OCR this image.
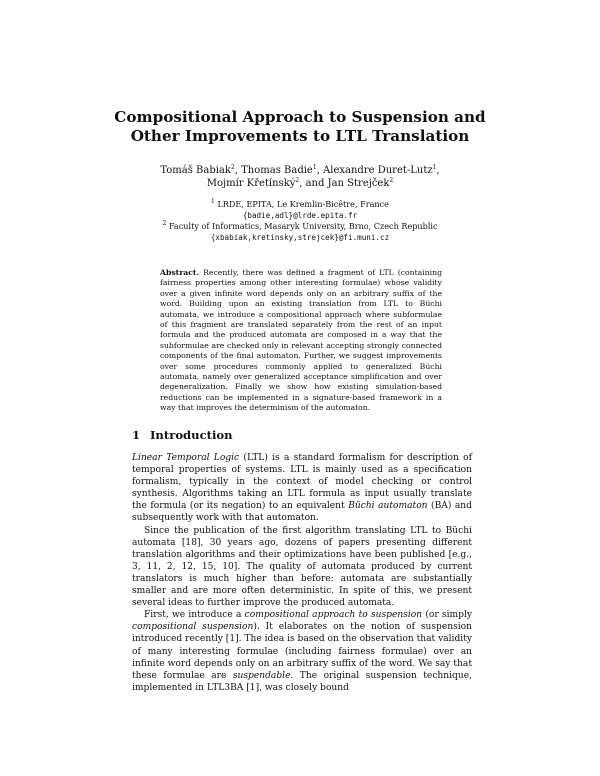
Compositional Approach to Suspension and
Other Improvements to LTL Translation
Tomáš Babiak$^2$, Thomas Badie$^1$, Alexandre Duret-Lutz$^1$,
Mojmír Křetínský$^2$, and Jan Strejček$^2$
$^1$ LRDE, EPITA, Le Kremlin-Bicêtre, France
{badie,adl}@lrde.epita.fr
$^2$ Faculty of Informatics, Masaryk University, Brno, Czech Republic
{xbabiak,kretinsky,strejcek}@fi.muni.cz
Abstract. Recently, there was defined a fragment of LTL (containing fairness properties among other interesting formulae) whose validity over a given infinite word depends only on an arbitrary suffix of the word. Building upon an existing translation from LTL to Büchi automata, we introduce a compositional approach where subformulae of this fragment are translated separately from the rest of an input formula and the produced automata are composed in a way that the subformulae are checked only in relevant accepting strongly connected components of the final automaton. Further, we suggest improvements over some procedures commonly applied to generalized Büchi automata, namely over generalized acceptance simplification and over degeneralization. Finally we show how existing simulation-based reductions can be implemented in a signature-based framework in a way that improves the determinism of the automaton.
1 Introduction

Linear Temporal Logic (LTL) is a standard formalism for description of temporal properties of systems. LTL is mainly used as a specification formalism, typically in the context of model checking or control synthesis. Algorithms taking an LTL formula as input usually translate the formula (or its negation) to an equivalent Büchi automaton (BA) and subsequently work with that automaton.

Since the publication of the first algorithm translating LTL to Büchi automata [18], 30 years ago, dozens of papers presenting different translation algorithms and their optimizations have been published [e.g., 3, 11, 2, 12, 15, 10]. The quality of automata produced by current translators is much higher than before: automata are substantially smaller and are more often deterministic. In spite of this, we present several ideas to further improve the produced automata.

First, we introduce a compositional approach to suspension (or simply compositional suspension). It elaborates on the notion of suspension introduced recently [1]. The idea is based on the observation that validity of many interesting formulae (including fairness formulae) over an infinite word depends only on an arbitrary suffix of the word. We say that these formulae are suspendable. The original suspension technique, implemented in LTL3BA [1], was closely bound
